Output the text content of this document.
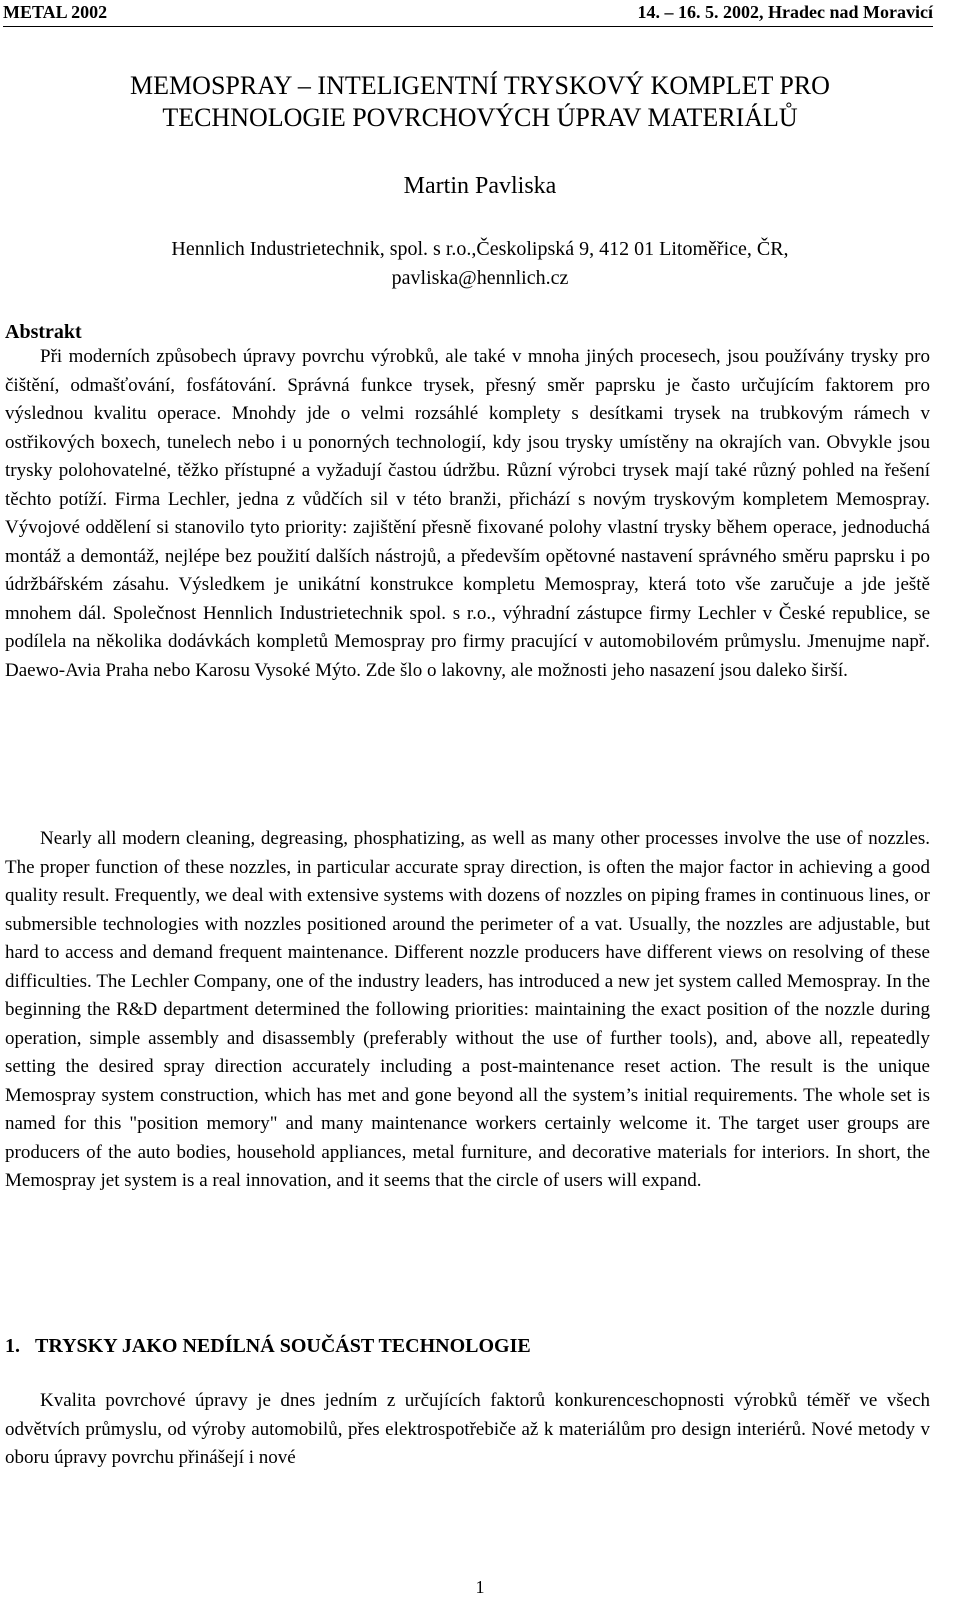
METAL 2002	14. – 16. 5. 2002, Hradec nad Moravicí
MEMOSPRAY – INTELIGENTNÍ TRYSKOVÝ KOMPLET PRO
TECHNOLOGIE POVRCHOVÝCH ÚPRAV MATERIÁLŮ
Martin Pavliska
Hennlich Industrietechnik, spol. s r.o.,Českolipská 9, 412 01 Litoměřice, ČR,
pavliska@hennlich.cz
Abstrakt

Při moderních způsobech úpravy povrchu výrobků, ale také v mnoha jiných procesech, jsou používány trysky pro čištění, odmašťování, fosfátování. Správná funkce trysek, přesný směr paprsku je často určujícím faktorem pro výslednou kvalitu operace. Mnohdy jde o velmi rozsáhlé komplety s desítkami trysek na trubkovým rámech v ostřikových boxech, tunelech nebo i u ponorných technologií, kdy jsou trysky umístěny na okrajích van. Obvykle jsou trysky polohovatelné, těžko přístupné a vyžadují častou údržbu. Různí výrobci trysek mají také různý pohled na řešení těchto potíží. Firma Lechler, jedna z vůdčích sil v této branži, přichází s novým tryskovým kompletem Memospray. Vývojové oddělení si stanovilo tyto priority: zajištění přesně fixované polohy vlastní trysky během operace, jednoduchá montáž a demontáž, nejlépe bez použití dalších nástrojů, a především opětovné nastavení správného směru paprsku i po údržbářském zásahu. Výsledkem je unikátní konstrukce kompletu Memospray, která toto vše zaručuje a jde ještě mnohem dál. Společnost Hennlich Industrietechnik spol. s r.o., výhradní zástupce firmy Lechler v České republice, se podílela na několika dodávkách kompletů Memospray pro firmy pracující v automobilovém průmyslu. Jmenujme např. Daewo-Avia Praha nebo Karosu Vysoké Mýto. Zde šlo o lakovny, ale možnosti jeho nasazení jsou daleko širší.

Nearly all modern cleaning, degreasing, phosphatizing, as well as many other processes involve the use of nozzles. The proper function of these nozzles, in particular accurate spray direction, is often the major factor in achieving a good quality result. Frequently, we deal with extensive systems with dozens of nozzles on piping frames in continuous lines, or submersible technologies with nozzles positioned around the perimeter of a vat. Usually, the nozzles are adjustable, but hard to access and demand frequent maintenance. Different nozzle producers have different views on resolving of these difficulties. The Lechler Company, one of the industry leaders, has introduced a new jet system called Memospray. In the beginning the R&D department determined the following priorities: maintaining the exact position of the nozzle during operation, simple assembly and disassembly (preferably without the use of further tools), and, above all, repeatedly setting the desired spray direction accurately including a post-maintenance reset action. The result is the unique Memospray system construction, which has met and gone beyond all the system’s initial requirements. The whole set is named for this "position memory" and many maintenance workers certainly welcome it. The target user groups are producers of the auto bodies, household appliances, metal furniture, and decorative materials for interiors. In short, the Memospray jet system is a real innovation, and it seems that the circle of users will expand.

1. TRYSKY JAKO NEDÍLNÁ SOUČÁST TECHNOLOGIE

Kvalita povrchové úpravy je dnes jedním z určujících faktorů konkurenceschopnosti výrobků téměř ve všech odvětvích průmyslu, od výroby automobilů, přes elektrospotřebiče až k materiálům pro design interiérů. Nové metody v oboru úpravy povrchu přinášejí i nové

1
